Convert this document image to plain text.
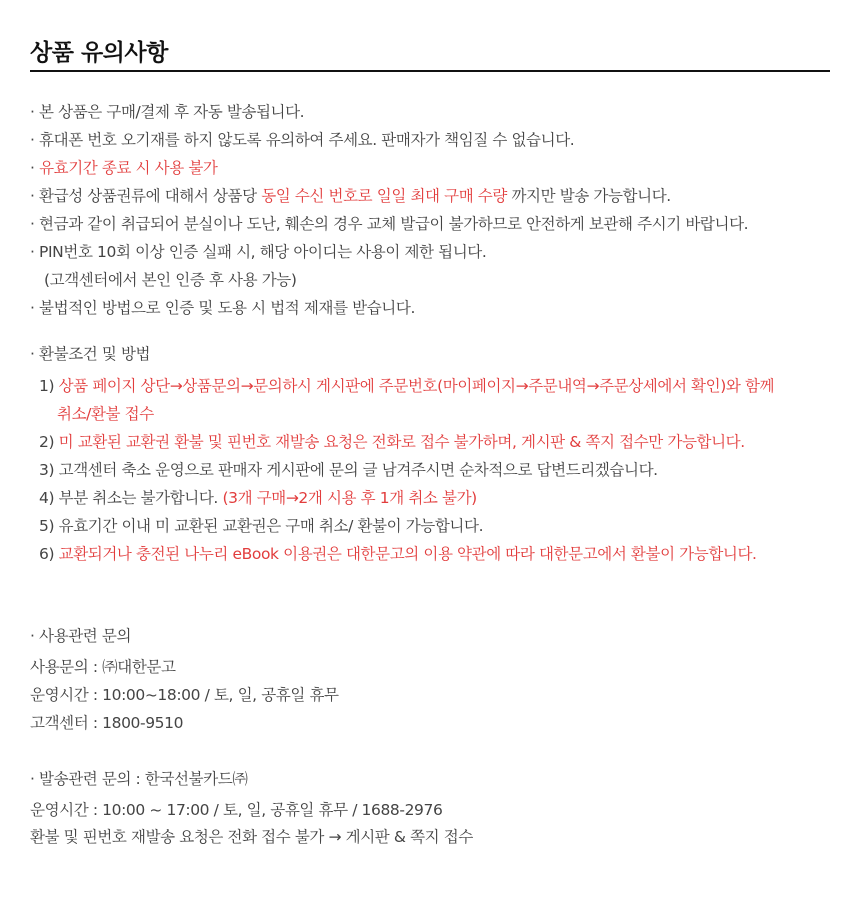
상품 유의사항
· 본 상품은 구매/결제 후 자동 발송됩니다.
· 휴대폰 번호 오기재를 하지 않도록 유의하여 주세요. 판매자가 책임질 수 없습니다.
· 유효기간 종료 시 사용 불가
· 환급성 상품권류에 대해서 상품당 동일 수신 번호로 일일 최대 구매 수량 까지만 발송 가능합니다.
· 현금과 같이 취급되어 분실이나 도난, 훼손의 경우 교체 발급이 불가하므로 안전하게 보관해 주시기 바랍니다.
· PIN번호 10회 이상 인증 실패 시, 해당 아이디는 사용이 제한 됩니다.
(고객센터에서 본인 인증 후 사용 가능)
· 불법적인 방법으로 인증 및 도용 시 법적 제재를 받습니다.
· 환불조건 및 방법
1) 상품 페이지 상단→상품문의→문의하시 게시판에 주문번호(마이페이지→주문내역→주문상세에서 확인)와 함께
취소/환불 접수
2) 미 교환된 교환권 환불 및 핀번호 재발송 요청은 전화로 접수 불가하며, 게시판 & 쪽지 접수만 가능합니다.
3) 고객센터 축소 운영으로 판매자 게시판에 문의 글 남겨주시면 순차적으로 답변드리겠습니다.
4) 부분 취소는 불가합니다. (3개 구매→2개 시용 후 1개 취소 불가)
5) 유효기간 이내 미 교환된 교환권은 구매 취소/ 환불이 가능합니다.
6) 교환되거나 충전된 나누리 eBook 이용권은 대한문고의 이용 약관에 따라 대한문고에서 환불이 가능합니다.
· 사용관련 문의
사용문의 : ㈜대한문고
운영시간 : 10:00~18:00 / 토, 일, 공휴일 휴무
고객센터 : 1800-9510
· 발송관련 문의 : 한국선불카드㈜
운영시간 : 10:00 ~ 17:00 / 토, 일, 공휴일 휴무 / 1688-2976
환불 및 핀번호 재발송 요청은 전화 접수 불가 → 게시판 & 쪽지 접수
